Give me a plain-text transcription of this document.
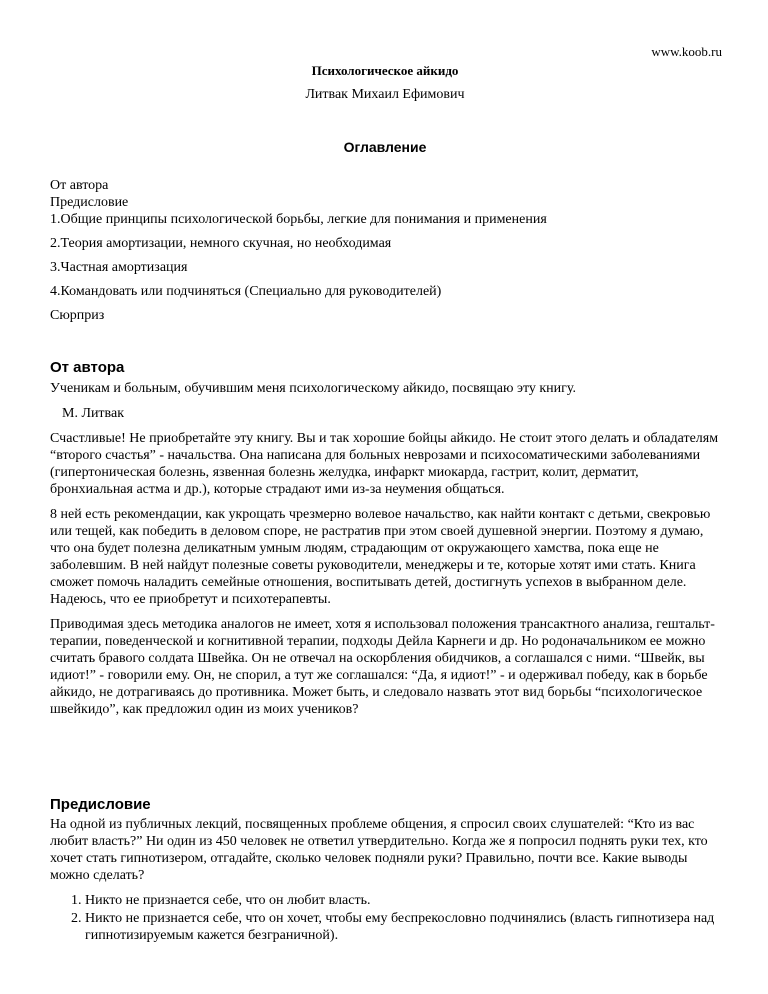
www.koob.ru
Психологическое айкидо
Литвак Михаил Ефимович
Оглавление
От автора
Предисловие
1.Общие принципы психологической борьбы, легкие для понимания и применения
2.Теория амортизации, немного скучная, но необходимая
3.Частная амортизация
4.Командовать или подчиняться (Специально для руководителей)
Сюрприз
От автора

Ученикам и больным, обучившим меня психологическому айкидо, посвящаю эту книгу.

М. Литвак

Счастливые! Не приобретайте эту книгу. Вы и так хорошие бойцы айкидо. Не стоит этого делать и обладателям “второго счастья” - начальства. Она написана для больных неврозами и психосоматическими заболеваниями (гипертоническая болезнь, язвенная болезнь желудка, инфаркт миокарда, гастрит, колит, дерматит, бронхиальная астма и др.), которые страдают ими из-за неумения общаться.

8 ней есть рекомендации, как укрощать чрезмерно волевое начальство, как найти контакт с детьми, свекровью или тещей, как победить в деловом споре, не растратив при этом своей душевной энергии. Поэтому я думаю, что она будет полезна деликатным умным людям, страдающим от окружающего хамства, пока еще не заболевшим. В ней найдут полезные советы руководители, менеджеры и те, которые хотят ими стать. Книга сможет помочь наладить семейные отношения, воспитывать детей, достигнуть успехов в выбранном деле. Надеюсь, что ее приобретут и психотерапевты.

Приводимая здесь методика аналогов не имеет, хотя я использовал положения трансактного анализа, гештальт-терапии, поведенческой и когнитивной терапии, подходы Дейла Карнеги и др. Но родоначальником ее можно считать бравого солдата Швейка. Он не отвечал на оскорбления обидчиков, а соглашался с ними. “Швейк, вы идиот!” - говорили ему. Он, не спорил, а тут же соглашался: “Да, я идиот!” - и одерживал победу, как в борьбе айкидо, не дотрагиваясь до противника. Может быть, и следовало назвать этот вид борьбы “психологическое швейкидо”, как предложил один из моих учеников?

Предисловие

На одной из публичных лекций, посвященных проблеме общения, я спросил своих слушателей: “Кто из вас любит власть?” Ни один из 450 человек не ответил утвердительно. Когда же я попросил поднять руки тех, кто хочет стать гипнотизером, отгадайте, сколько человек подняли руки? Правильно, почти все. Какие выводы можно сделать?

1. Никто не признается себе, что он любит власть.
2. Никто не признается себе, что он хочет, чтобы ему беспрекословно подчинялись (власть гипнотизера над гипнотизируемым кажется безграничной).
